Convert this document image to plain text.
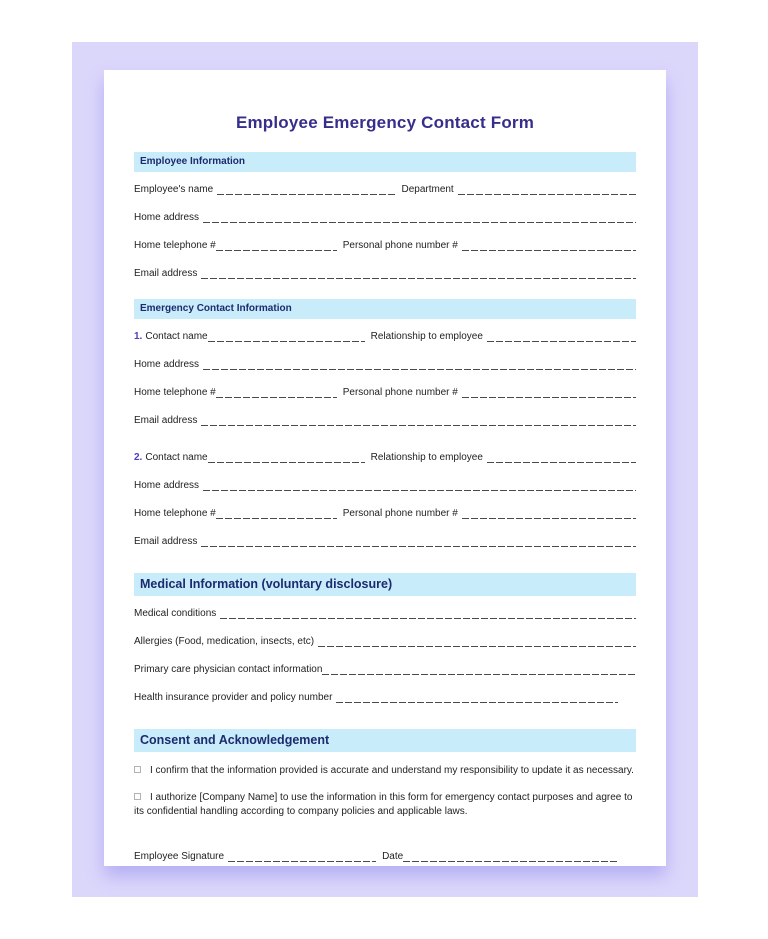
Employee Emergency Contact Form
Employee Information
Employee's name	Department
Home address
Home telephone #	Personal phone number #
Email address
Emergency Contact Information
1. Contact name	Relationship to employee
Home address
Home telephone #	Personal phone number #
Email address
2. Contact name	Relationship to employee
Home address
Home telephone #	Personal phone number #
Email address
Medical Information (voluntary disclosure)
Medical conditions
Allergies (Food, medication, insects, etc)
Primary care physician contact information
Health insurance provider and policy number
Consent and Acknowledgement
I confirm that the information provided is accurate and understand my responsibility to update it as necessary.
I authorize [Company Name] to use the information in this form for emergency contact purposes and agree to its confidential handling according to company policies and applicable laws.
Employee Signature	Date
